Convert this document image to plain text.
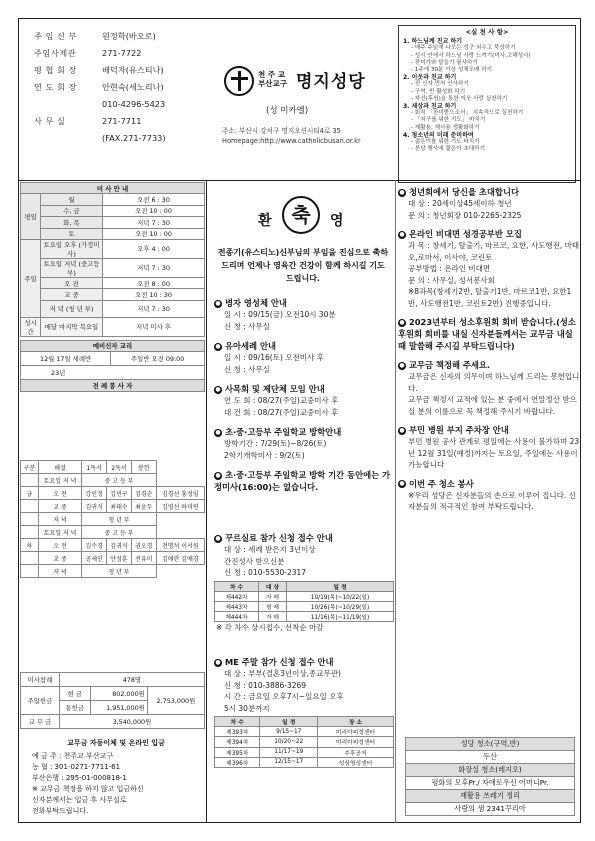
주 임 신 부	원정학(바오로)
주임사제관	271-7722
평 협 회 장	배덕자(유스티나)
연 도 회 장	안현숙(세노리나)
010-4296-5423
사 무 실	271-7711
(FAX.271-7733)
천 주 교 부산교구 명지성당
(성 미카엘)
주소: 부산시 강서구 명지오션시티4로 35
Homepage:http://www.catholicbusan.or.kr
<실 천 사 항>
1. 하느님께 친교 하기
- 매주 주일에 나오는 성구 외우고 묵상하기
- 성시 안에서 하느님 사랑 느끼기(미사,고해성사)
- 찬미가와 달을기 필사하기
- 1주에 30분 이상 성체조배 하기
2. 이웃과 친교 하기
- 전 신자 먼저 인사하기
- 구역, 반 활성화 하기
- 자선(후원)을 통한 이웃 사랑 실천하기
3. 세상과 친교 하기
- 회칙 「찬미받으소서」 지속적으로 실천하기
- 「지구를 위한 기도」 바치기
- 재활용, 재사용 생활화하기
4. 청소년의 미래 준비하여
- 젊은이를 위한 기도 바치기
- 본당 행사에 젊은이 초대하기
미 사 안 내		
평일	월	오전 6 : 30
	수, 금	오전 10 : 00
	화, 목	저녁 7 : 30
	토	오전 10 : 00
주일	토요일 오후 (가정미사)	오후 4 : 00
	토요일 저녁 (중고등부)	저녁 7 : 30
	오 전	오전 8 : 00
	교 중	오전 10 : 30
	저 녁 (청 년 부)	저녁 7 : 30
성시간	매달 마지막 목요일	저녁 미사 후
예비신자 교리
12월 17일 세례반	주일반 오전 09:00
23년
전 례 봉 사 자
구분	해설	1독서	2독서	봉헌	
	토요일 저 녁	중 고 등 부			
금	오 전	강인정	김민구	김경순	김경선 홍성임
	교 중	김귀식	최태수	최윤두	김영선 하미연
	저 녁	청 년 부			
	토요일 저 녁	중 고 등 부			
차	오 전	김수경	김귀식	권오경	전명석 이서원
	교 중	공세인	안성훈	전유미	김애란 김예경
	저 녁	청 년 부			
미사참례	478명		
주일헌금	현 금	802,000원	2,753,000원
	통헌금	1,951,000원	
교 무 금	3,540,000원		
교무금 자동이체 및 온라인 입금
예 금 주 : 천주교 부산교구
농 협 : 301-0271-7711-61
부산은행 : 295-01-000818-1
※ 교무금 책정을 하지 않고 입금하신
신자분께서는 입금 후 사무실로
전화부탁드립니다.
환 축	영
전종기(유스티노)신부님의 부임을 진심으로 축하 드리며 언제나 영육간 건강이 함께 하시길 기도 드립니다.
● 병자 영성체 안내
일 시 : 09/15(금) 오전10시 30분
신 청 : 사무실
● 유아세례 안내
일 시 : 09/16(토) 오전미사 후
신 청 : 사무실
● 사목회 및 제단체 모임 안내
연 도 회 : 08/27(주일)교중미사 후
대 건 회 : 08/27(주일)교중미사 후
● 초·중·고등부 주일학교 방학안내
방학기간 : 7/29(토)~8/26(토)
2학기개학미사 : 9/2(토)
● 초·중·고등부 주일학교 방학 기간 동안에는 가정미사(16:00)는 없습니다.
● 꾸르실료 참가 신청 접수 안내
대 상 : 세례 받은지 3년이상
간진성사 받으신분
신 청 : 010-5530-2317
차 수	대 상	일 정
제442차	자 매	10/19(목)~10/22(일)
제443차	형 제	10/26(목)~10/29(일)
제444차	자 매	11/16(목)~11/19(일)
※ 각 차수 상시접수, 선착순 마감
● ME 주말 참가 신청 접수 안내
대 상 : 부부(결혼3년이상,종교무관)
신 청 : 010-3886-3269
시 간 : 금요일 오후7시~일요일 오후
5시 30분까지
차 수	일 정	장 소
제393차	9/15~17	미리아피정센터
제394차	10/20~22	미리아피정센터
제395차	11/17~19	추후공지
제396차	12/15~17	성심영성센터
● 청년회에서 당신을 초대합니다
대 상 : 20세이상45세이하 청년
문 의 : 청년회장 010-2265-2325
● 온라인 비대면 성경공부반 모집
과 목 : 창세기, 탈출기, 마르코, 요한, 사도행전, 마태오,로마서, 이사야, 코린토
공부방법 : 온라인 비대면
문 의 : 사무실, 성서봉사회
※8과목(창세기2반, 탈출기1반, 마르코1반, 요한1반, 사도행전1반, 코린토2반) 진행중입니다.
● 2023년부터 성소후원회 회비 받습니다.(성소후원회 회비를 내실 신자분들께서는 교무금 내실 때 말씀해 주시길 부탁드립니다)
● 교무금 책정해 주세요.
교무금은 신자의 의무이며 하느님께 드리는 봉헌입니다.
교무금 책정시 교적에 있는 분 중에서 연말정산 받으실 분의 이름으로 꼭 책정해 주시기 바랍니다.
● 부민 병원 부지 주차장 안내
부민 병원 공사 관계로 평일에는 사용이 불가하며 23년 12월 31일(예정)까지는 토요일, 주일에는 사용이 가능합니다
● 이번 주 청소 봉사
※우리 성당은 신자분들의 손으로 이루어 집니다. 신자분들의 적극적인 참여 부탁드립니다.
성당 청소(구역,반)
두산
화장실 청소(레지오)
평화의 모후Pr./ 자애로우신 어머니Pr.
재활용 쓰레기 정리
사랑의 샘 2341꾸리아
